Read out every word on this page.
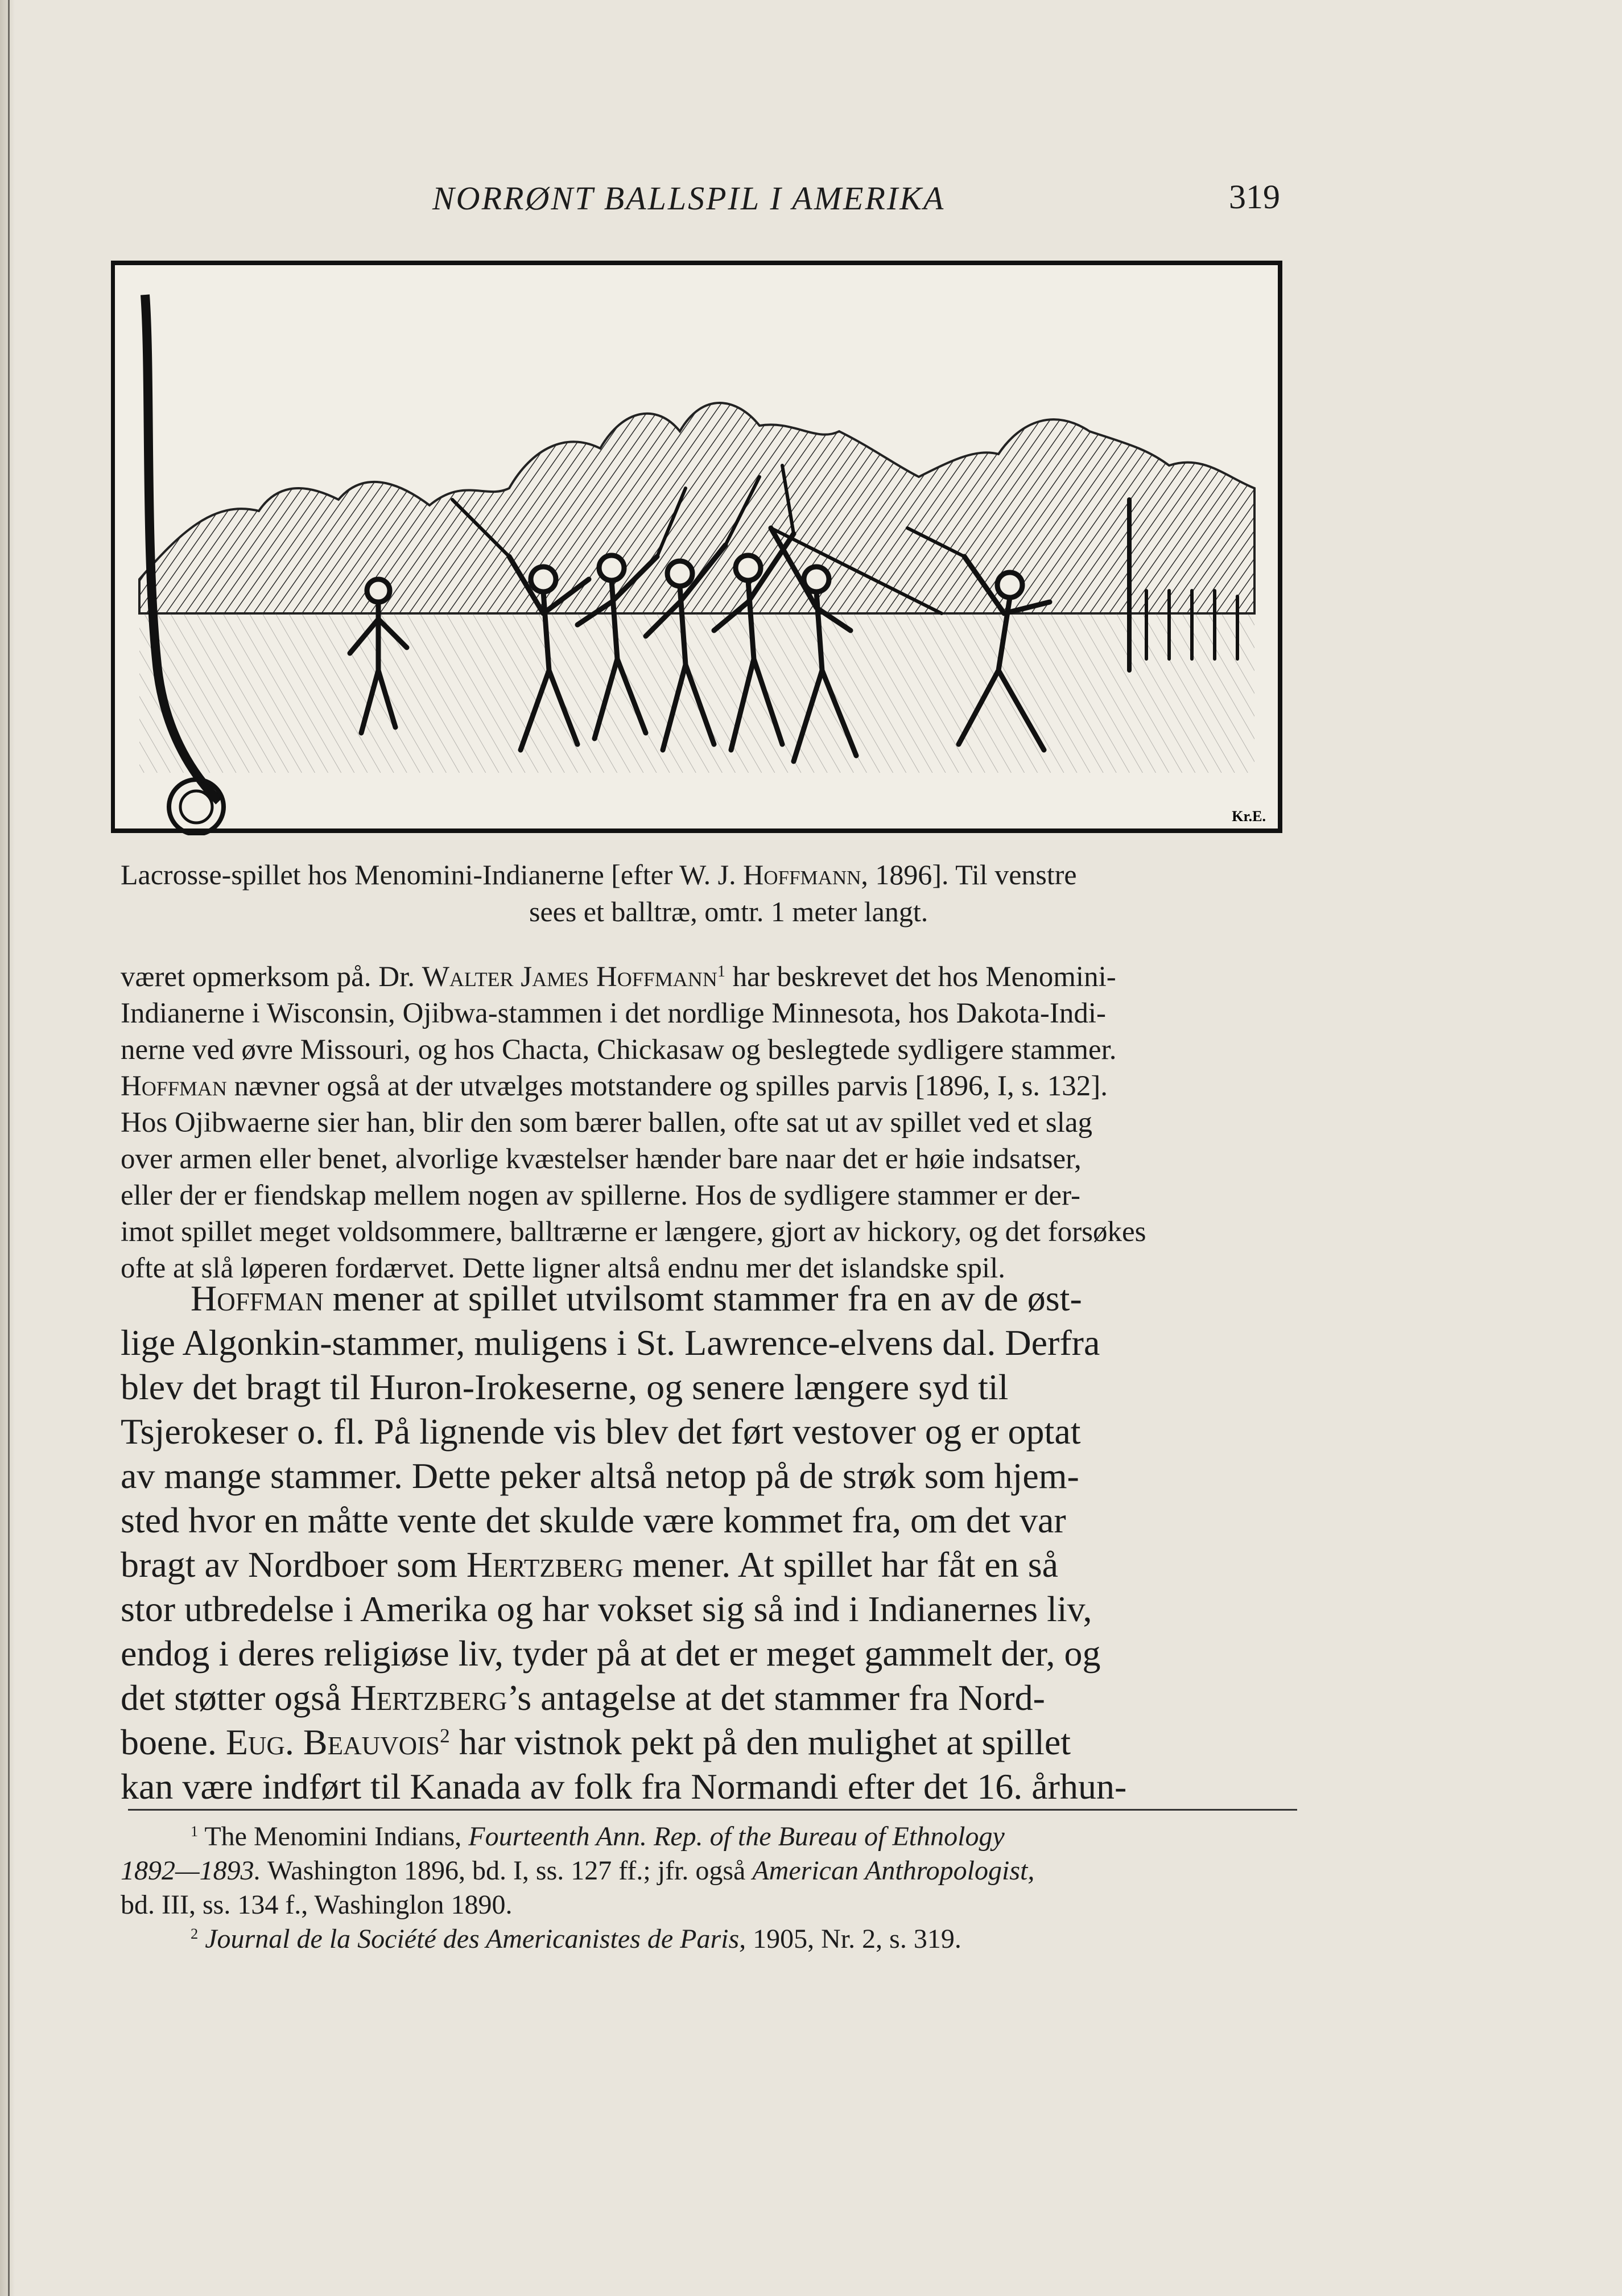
NORRØNT BALLSPIL I AMERIKA	319
Kr.E.
Lacrosse-spillet hos Menomini-Indianerne [efter W. J. Hoffmann, 1896]. Til venstre
sees et balltræ, omtr. 1 meter langt.
været opmerksom på. Dr. Walter James Hoffmann$^1$ har beskrevet det hos Menomini-
Indianerne i Wisconsin, Ojibwa-stammen i det nordlige Minnesota, hos Dakota-Indi-
nerne ved øvre Missouri, og hos Chacta, Chickasaw og beslegtede sydligere stammer.
Hoffman nævner også at der utvælges motstandere og spilles parvis [1896, I, s. 132].
Hos Ojibwaerne sier han, blir den som bærer ballen, ofte sat ut av spillet ved et slag
over armen eller benet, alvorlige kvæstelser hænder bare naar det er høie indsatser,
eller der er fiendskap mellem nogen av spillerne. Hos de sydligere stammer er der-
imot spillet meget voldsommere, balltrærne er længere, gjort av hickory, og det forsøkes
ofte at slå løperen fordærvet. Dette ligner altså endnu mer det islandske spil.
Hoffman mener at spillet utvilsomt stammer fra en av de øst-
lige Algonkin-stammer, muligens i St. Lawrence-elvens dal. Derfra
blev det bragt til Huron-Irokeserne, og senere længere syd til
Tsjerokeser o. fl. På lignende vis blev det ført vestover og er optat
av mange stammer. Dette peker altså netop på de strøk som hjem-
sted hvor en måtte vente det skulde være kommet fra, om det var
bragt av Nordboer som Hertzberg mener. At spillet har fåt en så
stor utbredelse i Amerika og har vokset sig så ind i Indianernes liv,
endog i deres religiøse liv, tyder på at det er meget gammelt der, og
det støtter også Hertzberg’s antagelse at det stammer fra Nord-
boene. Eug. Beauvois$^2$ har vistnok pekt på den mulighet at spillet
kan være indført til Kanada av folk fra Normandi efter det 16. århun-
$^1$ The Menomini Indians, Fourteenth Ann. Rep. of the Bureau of Ethnology
1892—1893. Washington 1896, bd. I, ss. 127 ff.; jfr. også American Anthropologist,
bd. III, ss. 134 f., Washinglon 1890.
$^2$ Journal de la Société des Americanistes de Paris, 1905, Nr. 2, s. 319.
